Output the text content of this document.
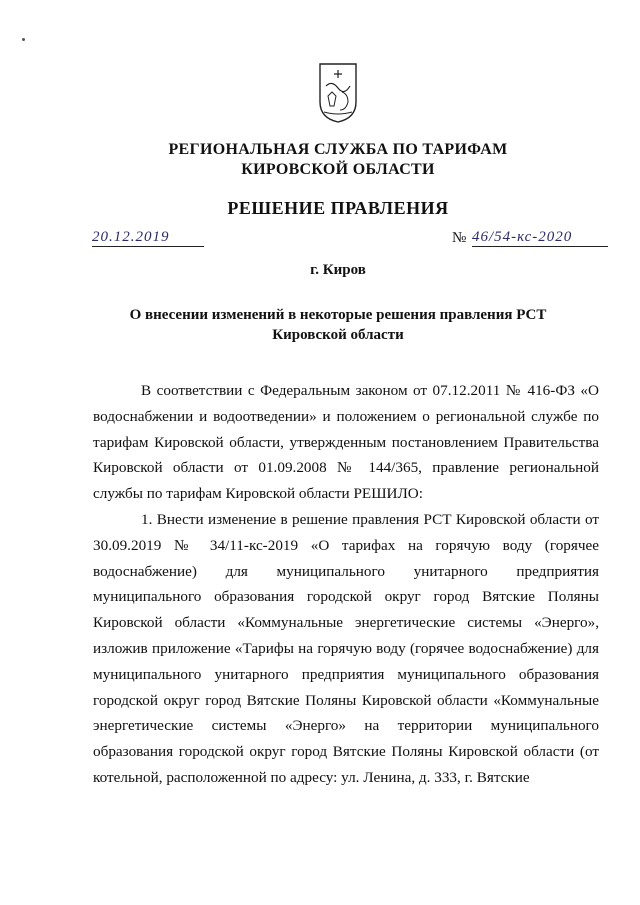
РЕГИОНАЛЬНАЯ СЛУЖБА ПО ТАРИФАМ
КИРОВСКОЙ ОБЛАСТИ
РЕШЕНИЕ ПРАВЛЕНИЯ
20.12.2019	№ 46/54-кс-2020
г. Киров
О внесении изменений в некоторые решения правления РСТ Кировской области

В соответствии с Федеральным законом от 07.12.2011 № 416-ФЗ «О водоснабжении и водоотведении» и положением о региональной службе по тарифам Кировской области, утвержденным постановлением Правительства Кировской области от 01.09.2008 № 144/365, правление региональной службы по тарифам Кировской области РЕШИЛО:

1. Внести изменение в решение правления РСТ Кировской области от 30.09.2019 № 34/11-кс-2019 «О тарифах на горячую воду (горячее водоснабжение) для муниципального унитарного предприятия муниципального образования городской округ город Вятские Поляны Кировской области «Коммунальные энергетические системы «Энерго», изложив приложение «Тарифы на горячую воду (горячее водоснабжение) для муниципального унитарного предприятия муниципального образования городской округ город Вятские Поляны Кировской области «Коммунальные энергетические системы «Энерго» на территории муниципального образования городской округ город Вятские Поляны Кировской области (от котельной, расположенной по адресу: ул. Ленина, д. 333, г. Вятские
